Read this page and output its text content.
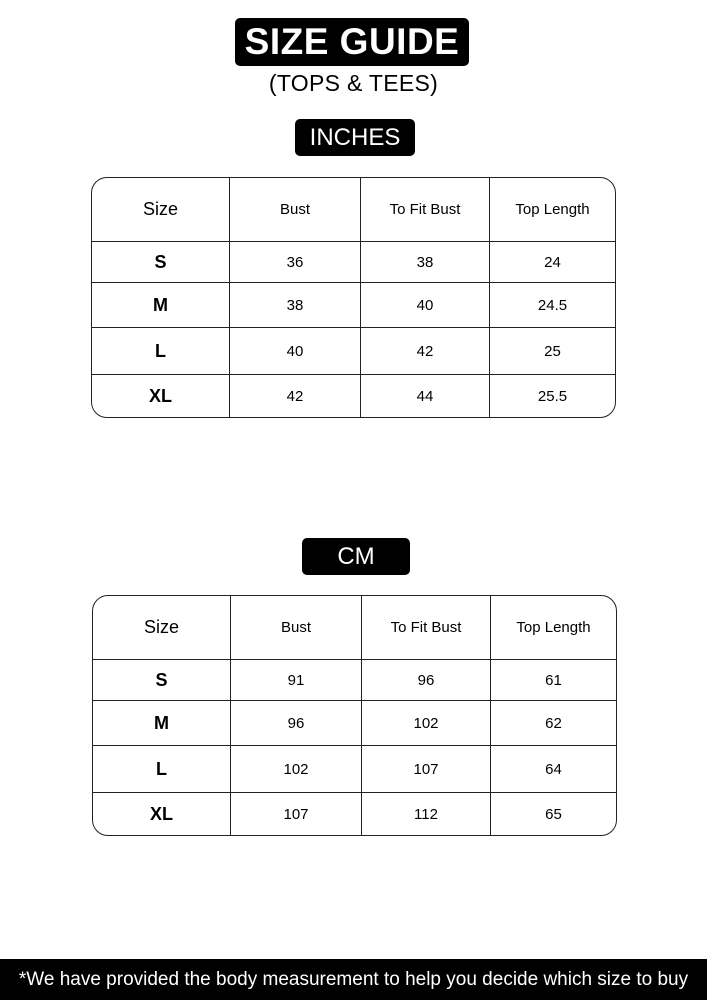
SIZE GUIDE
(TOPS & TEES)
INCHES
Size	Bust	To Fit Bust	Top Length
S	36	38	24
M	38	40	24.5
L	40	42	25
XL	42	44	25.5
CM
Size	Bust	To Fit Bust	Top Length
S	91	96	61
M	96	102	62
L	102	107	64
XL	107	112	65
*We have provided the body measurement to help you decide which size to buy
